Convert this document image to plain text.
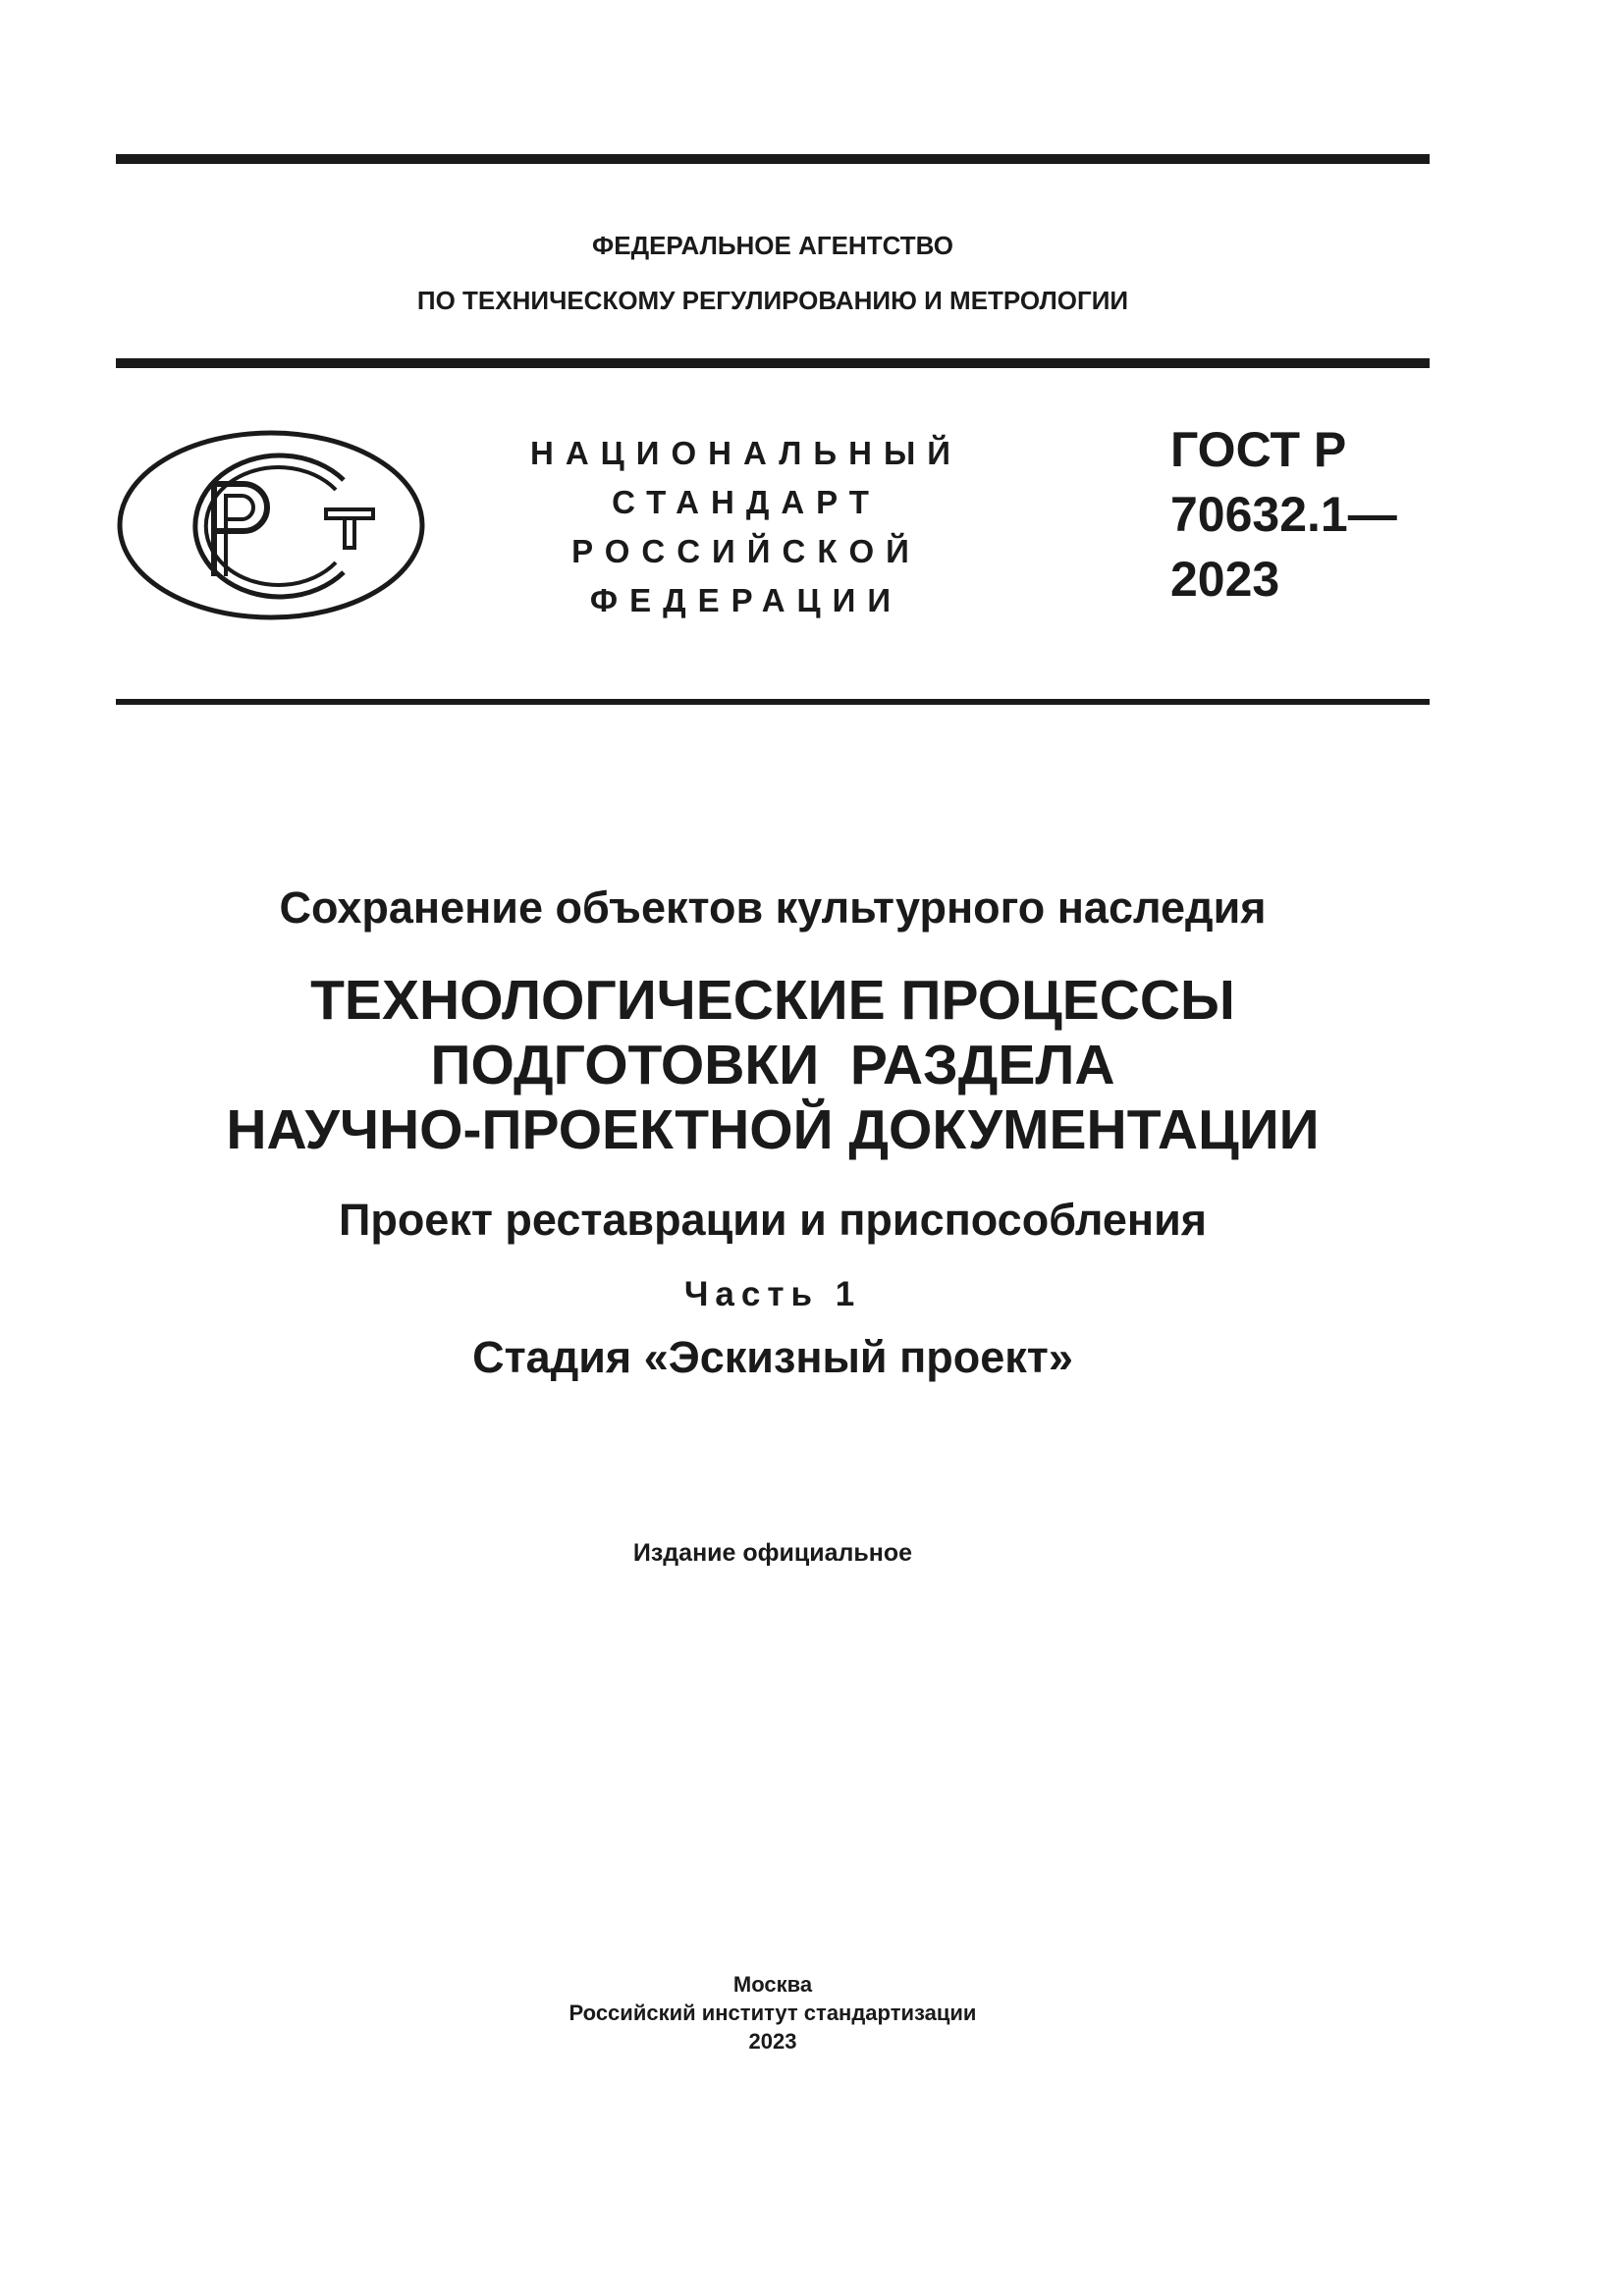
ФЕДЕРАЛЬНОЕ АГЕНТСТВО
ПО ТЕХНИЧЕСКОМУ РЕГУЛИРОВАНИЮ И МЕТРОЛОГИИ
НАЦИОНАЛЬНЫЙ
СТАНДАРТ
РОССИЙСКОЙ
ФЕДЕРАЦИИ
ГОСТ Р
70632.1—
2023
Сохранение объектов культурного наследия
ТЕХНОЛОГИЧЕСКИЕ ПРОЦЕССЫ
ПОДГОТОВКИ  РАЗДЕЛА
НАУЧНО-ПРОЕКТНОЙ ДОКУМЕНТАЦИИ
Проект реставрации и приспособления
Часть 1
Стадия «Эскизный проект»
Издание официальное
Москва
Российский институт стандартизации
2023
